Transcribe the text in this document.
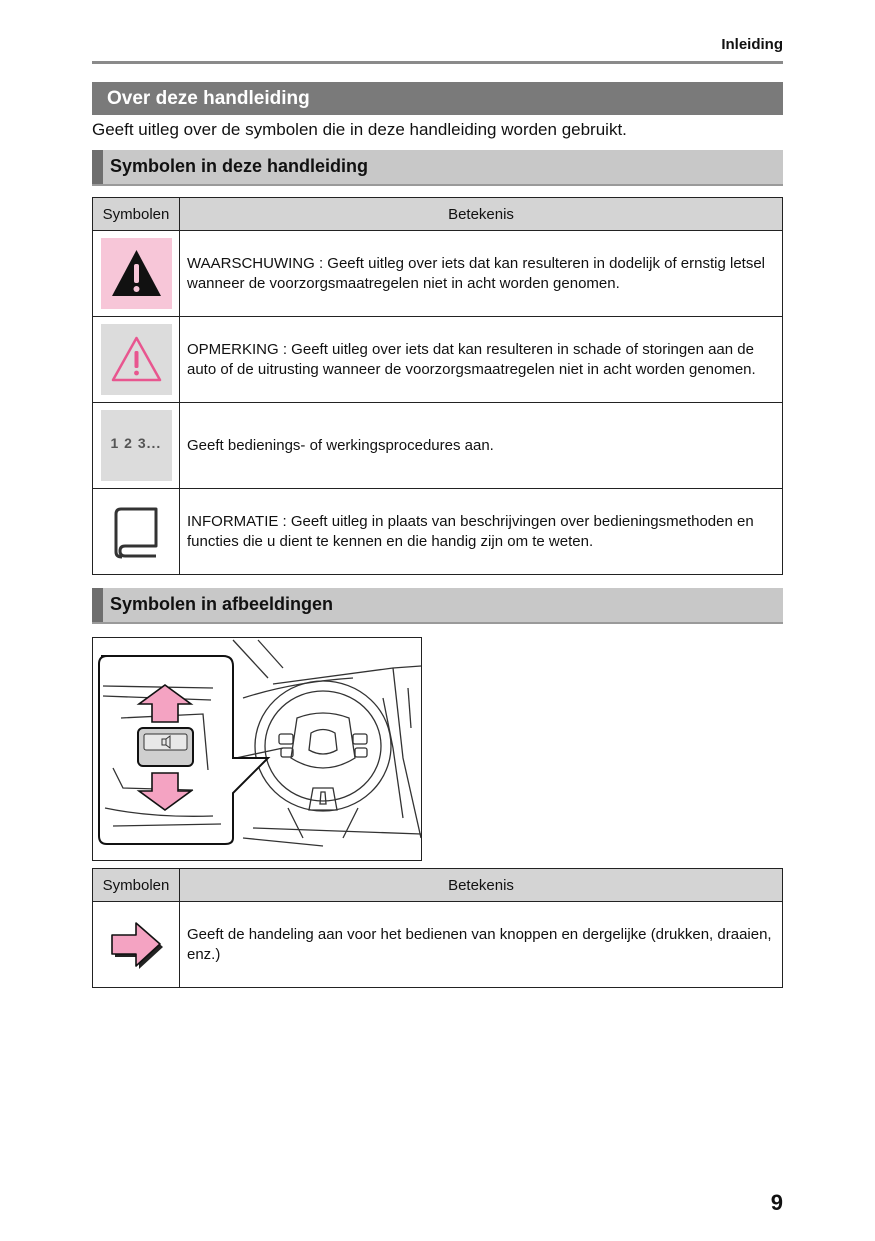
Inleiding
Over deze handleiding
Geeft uitleg over de symbolen die in deze handleiding worden gebruikt.
Symbolen in deze handleiding
Symbolen	Betekenis

	WAARSCHUWING : Geeft uitleg over iets dat kan resulteren in dodelijk of ernstig letsel wanneer de voorzorgsmaatregelen niet in acht worden genomen.

	OPMERKING : Geeft uitleg over iets dat kan resulteren in schade of storingen aan de auto of de uitrusting wanneer de voorzorgsmaatregelen niet in acht worden genomen.

1 2 3...	Geeft bedienings- of werkingsprocedures aan.

	INFORMATIE : Geeft uitleg in plaats van beschrijvingen over bedieningsmethoden en functies die u dient te kennen en die handig zijn om te weten.
Symbolen in afbeeldingen
Symbolen	Betekenis

	Geeft de handeling aan voor het bedienen van knoppen en dergelijke (drukken, draaien, enz.)
9
